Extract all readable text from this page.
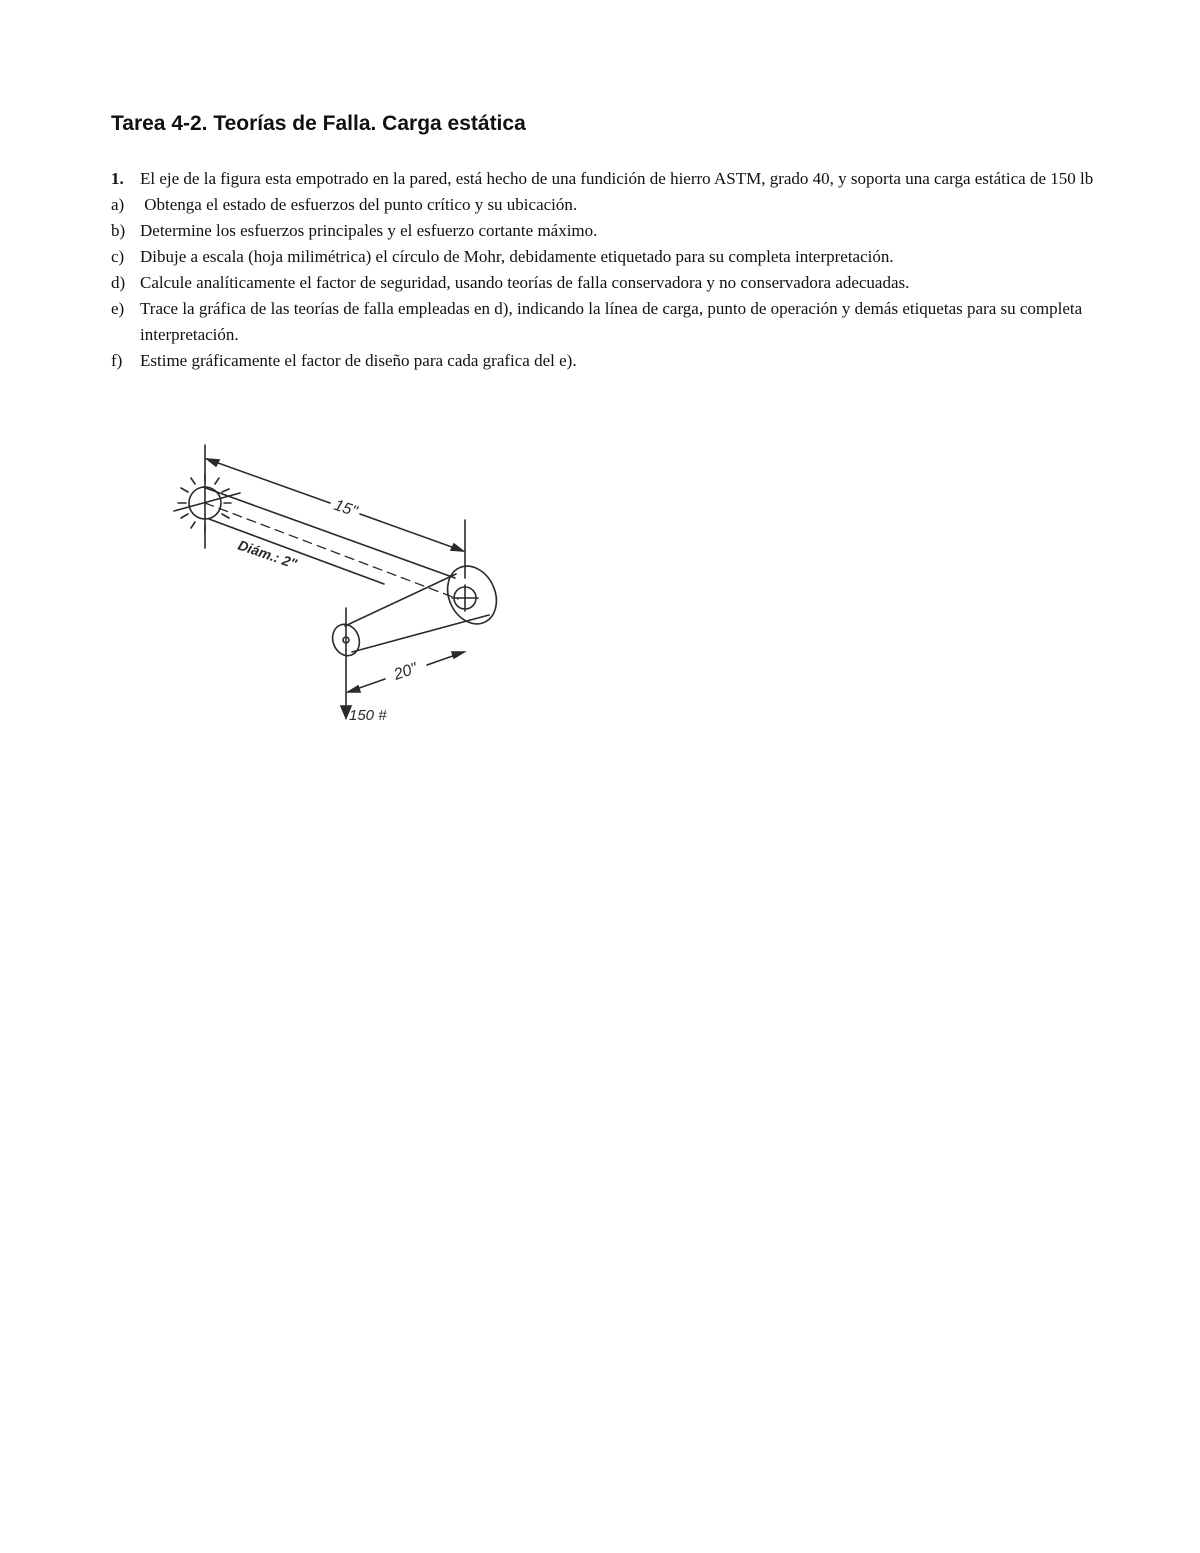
Tarea 4-2. Teorías de Falla. Carga estática
1. El eje de la figura esta empotrado en la pared, está hecho de una fundición de hierro ASTM, grado 40, y soporta una carga estática de 150 lb
a) Obtenga el estado de esfuerzos del punto crítico y su ubicación.
b) Determine los esfuerzos principales y el esfuerzo cortante máximo.
c) Dibuje a escala (hoja milimétrica) el círculo de Mohr, debidamente etiquetado para su completa interpretación.
d) Calcule analíticamente el factor de seguridad, usando teorías de falla conservadora y no conservadora adecuadas.
e) Trace la gráfica de las teorías de falla empleadas en d), indicando la línea de carga, punto de operación y demás etiquetas para su completa interpretación.
f)	Estime gráficamente el factor de diseño para cada grafica del e).
15"
Diám.: 2"
20"
150 #
